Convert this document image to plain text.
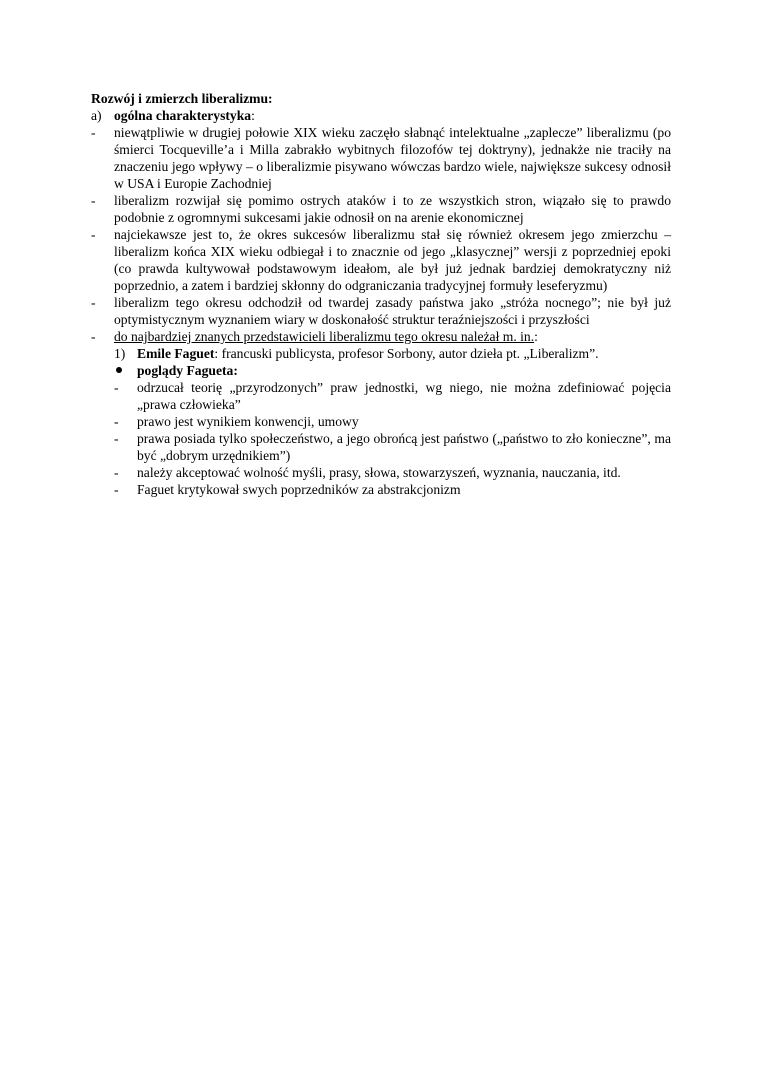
Rozwój i zmierzch liberalizmu:

a) ogólna charakterystyka:
- niewątpliwie w drugiej połowie XIX wieku zaczęło słabnąć intelektualne „zaplecze” liberalizmu (po śmierci Tocqueville’a i Milla zabrakło wybitnych filozofów tej doktryny), jednakże nie traciły na znaczeniu jego wpływy – o liberalizmie pisywano wówczas bardzo wiele, największe sukcesy odnosił w USA i Europie Zachodniej
- liberalizm rozwijał się pomimo ostrych ataków i to ze wszystkich stron, wiązało się to prawdo podobnie z ogromnymi sukcesami jakie odnosił on na arenie ekonomicznej
- najciekawsze jest to, że okres sukcesów liberalizmu stał się również okresem jego zmierzchu – liberalizm końca XIX wieku odbiegał i to znacznie od jego „klasycznej” wersji z poprzedniej epoki (co prawda kultywował podstawowym ideałom, ale był już jednak bardziej demokratyczny niż poprzednio, a zatem i bardziej skłonny do odgraniczania tradycyjnej formuły leseferyzmu)
- liberalizm tego okresu odchodził od twardej zasady państwa jako „stróża nocnego”; nie był już optymistycznym wyznaniem wiary w doskonałość struktur teraźniejszości i przyszłości
- do najbardziej znanych przedstawicieli liberalizmu tego okresu należał m. in.:
1) Emile Faguet: francuski publicysta, profesor Sorbony, autor dzieła pt. „Liberalizm”.
poglądy Fagueta:
- odrzucał teorię „przyrodzonych” praw jednostki, wg niego, nie można zdefiniować pojęcia „prawa człowieka”
- prawo jest wynikiem konwencji, umowy
- prawa posiada tylko społeczeństwo, a jego obrońcą jest państwo („państwo to zło konieczne”, ma być „dobrym urzędnikiem”)
- należy akceptować wolność myśli, prasy, słowa, stowarzyszeń, wyznania, nauczania, itd.
- Faguet krytykował swych poprzedników za abstrakcjonizm
